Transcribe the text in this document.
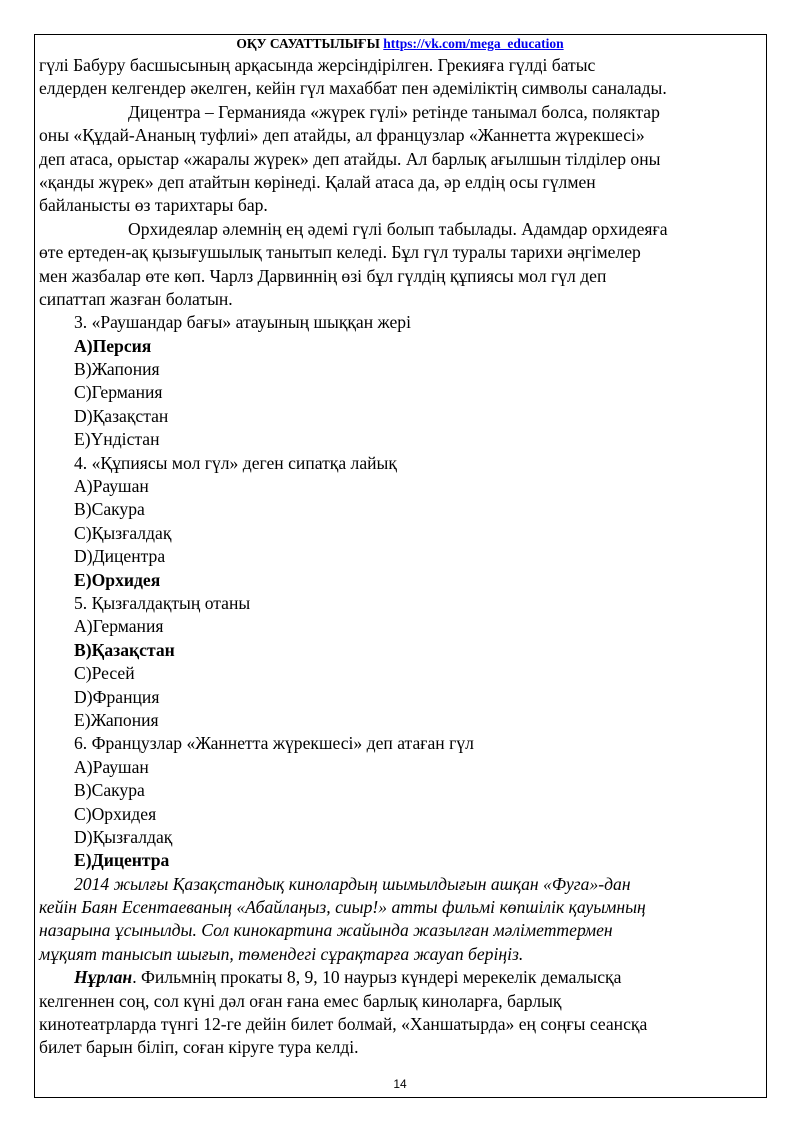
ОҚУ САУАТТЫЛЫҒЫ https://vk.com/mega_education
гүлі Бабуру басшысының арқасында жерсіндірілген. Грекияға гүлді батыс
елдерден келгендер әкелген, кейін гүл махаббат пен әдеміліктің символы саналады.
Дицентра – Германияда «жүрек гүлі» ретінде танымал болса, поляктар
оны «Құдай-Ананың туфлиі» деп атайды, ал французлар «Жаннетта жүрекшесі»
деп атаса, орыстар «жаралы жүрек» деп атайды. Ал барлық ағылшын тілділер оны
«қанды жүрек» деп атайтын көрінеді. Қалай атаса да, әр елдің осы гүлмен
байланысты өз тарихтары бар.
Орхидеялар әлемнің ең әдемі гүлі болып табылады. Адамдар орхидеяға
өте ертеден-ақ қызығушылық танытып келеді. Бұл гүл туралы тарихи әңгімелер
мен жазбалар өте көп. Чарлз Дарвиннің өзі бұл гүлдің құпиясы мол гүл деп
сипаттап жазған болатын.
3. «Раушандар бағы» атауының шыққан жері
А)Персия
В)Жапония
С)Германия
D)Қазақстан
Е)Үндістан
4. «Құпиясы мол гүл» деген сипатқа лайық
А)Раушан
В)Сакура
С)Қызғалдақ
D)Дицентра
Е)Орхидея
5. Қызғалдақтың отаны
А)Германия
В)Қазақстан
С)Ресей
D)Франция
Е)Жапония
6. Французлар «Жаннетта жүрекшесі» деп атаған гүл
А)Раушан
В)Сакура
С)Орхидея
D)Қызғалдақ
Е)Дицентра
2014 жылғы Қазақстандық кинолардың шымылдығын ашқан «Фуга»-дан
кейін Баян Есентаеваның «Абайлаңыз, сиыр!» атты фильмі көпшілік қауымның
назарына ұсынылды. Сол кинокартина жайында жазылған мәліметтермен
мұқият танысып шығып, төмендегі сұрақтарға жауап беріңіз.
Нұрлан. Фильмнің прокаты 8, 9, 10 наурыз күндері мерекелік демалысқа
келгеннен соң, сол күні дәл оған ғана емес барлық киноларға, барлық
кинотеатрларда түнгі 12-ге дейін билет болмай, «Ханшатырда» ең соңғы сеансқа
билет барын біліп, соған кіруге тура келді.
14
